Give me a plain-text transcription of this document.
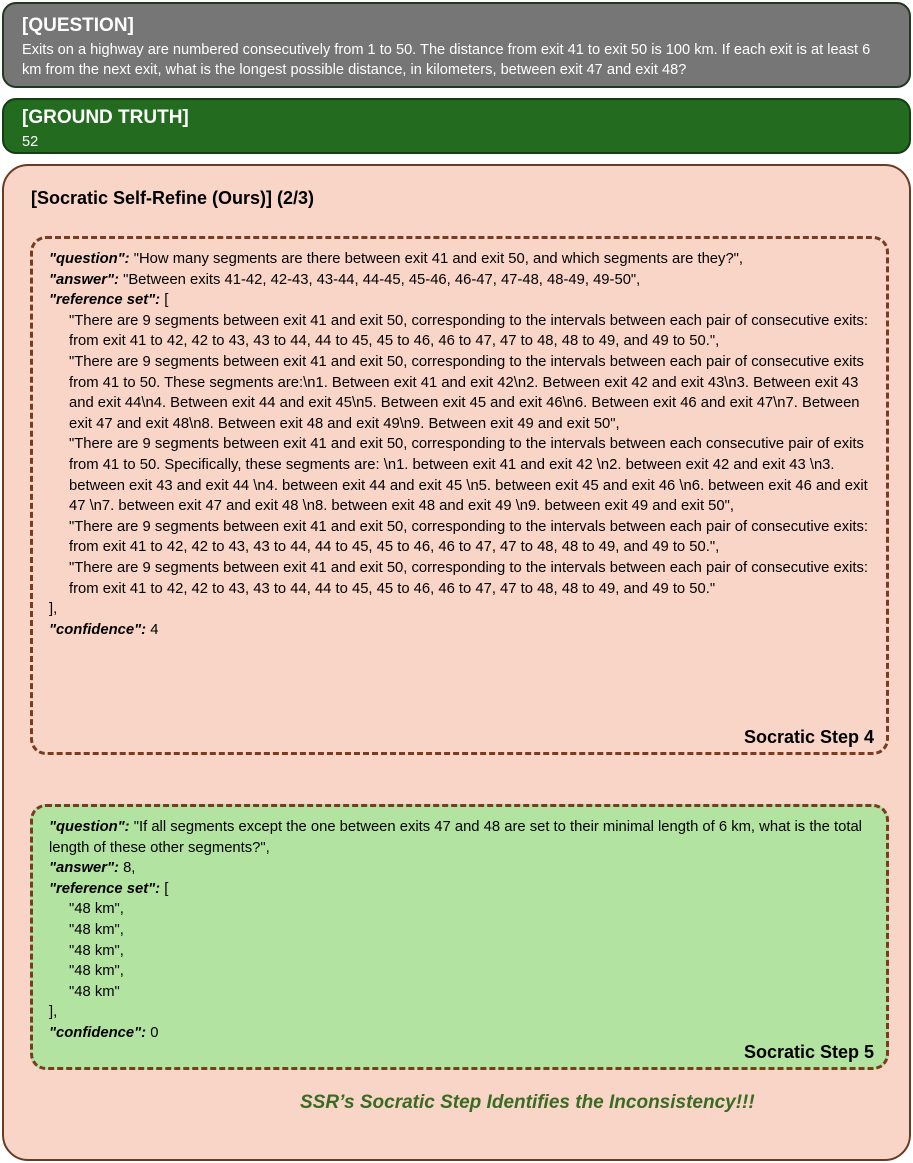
[QUESTION]
Exits on a highway are numbered consecutively from 1 to 50. The distance from exit 41 to exit 50 is 100 km. If each exit is at least 6 km from the next exit, what is the longest possible distance, in kilometers, between exit 47 and exit 48?
[GROUND TRUTH]
52
[Socratic Self-Refine (Ours)] (2/3)
"question": "How many segments are there between exit 41 and exit 50, and which segments are they?",
"answer": "Between exits 41-42, 42-43, 43-44, 44-45, 45-46, 46-47, 47-48, 48-49, 49-50",
"reference set": [
"There are 9 segments between exit 41 and exit 50, corresponding to the intervals between each pair of consecutive exits: from exit 41 to 42, 42 to 43, 43 to 44, 44 to 45, 45 to 46, 46 to 47, 47 to 48, 48 to 49, and 49 to 50.",
"There are 9 segments between exit 41 and exit 50, corresponding to the intervals between each pair of consecutive exits from 41 to 50. These segments are:\n1. Between exit 41 and exit 42\n2. Between exit 42 and exit 43\n3. Between exit 43 and exit 44\n4. Between exit 44 and exit 45\n5. Between exit 45 and exit 46\n6. Between exit 46 and exit 47\n7. Between exit 47 and exit 48\n8. Between exit 48 and exit 49\n9. Between exit 49 and exit 50",
"There are 9 segments between exit 41 and exit 50, corresponding to the intervals between each consecutive pair of exits from 41 to 50. Specifically, these segments are: \n1. between exit 41 and exit 42 \n2. between exit 42 and exit 43 \n3. between exit 43 and exit 44 \n4. between exit 44 and exit 45 \n5. between exit 45 and exit 46 \n6. between exit 46 and exit 47 \n7. between exit 47 and exit 48 \n8. between exit 48 and exit 49 \n9. between exit 49 and exit 50",
"There are 9 segments between exit 41 and exit 50, corresponding to the intervals between each pair of consecutive exits: from exit 41 to 42, 42 to 43, 43 to 44, 44 to 45, 45 to 46, 46 to 47, 47 to 48, 48 to 49, and 49 to 50.",
"There are 9 segments between exit 41 and exit 50, corresponding to the intervals between each pair of consecutive exits: from exit 41 to 42, 42 to 43, 43 to 44, 44 to 45, 45 to 46, 46 to 47, 47 to 48, 48 to 49, and 49 to 50."
],
"confidence": 4
Socratic Step 4
"question": "If all segments except the one between exits 47 and 48 are set to their minimal length of 6 km, what is the total length of these other segments?",
"answer": 8,
"reference set": [
"48 km",
"48 km",
"48 km",
"48 km",
"48 km"
],
"confidence": 0
Socratic Step 5
SSR’s Socratic Step Identifies the Inconsistency!!!
